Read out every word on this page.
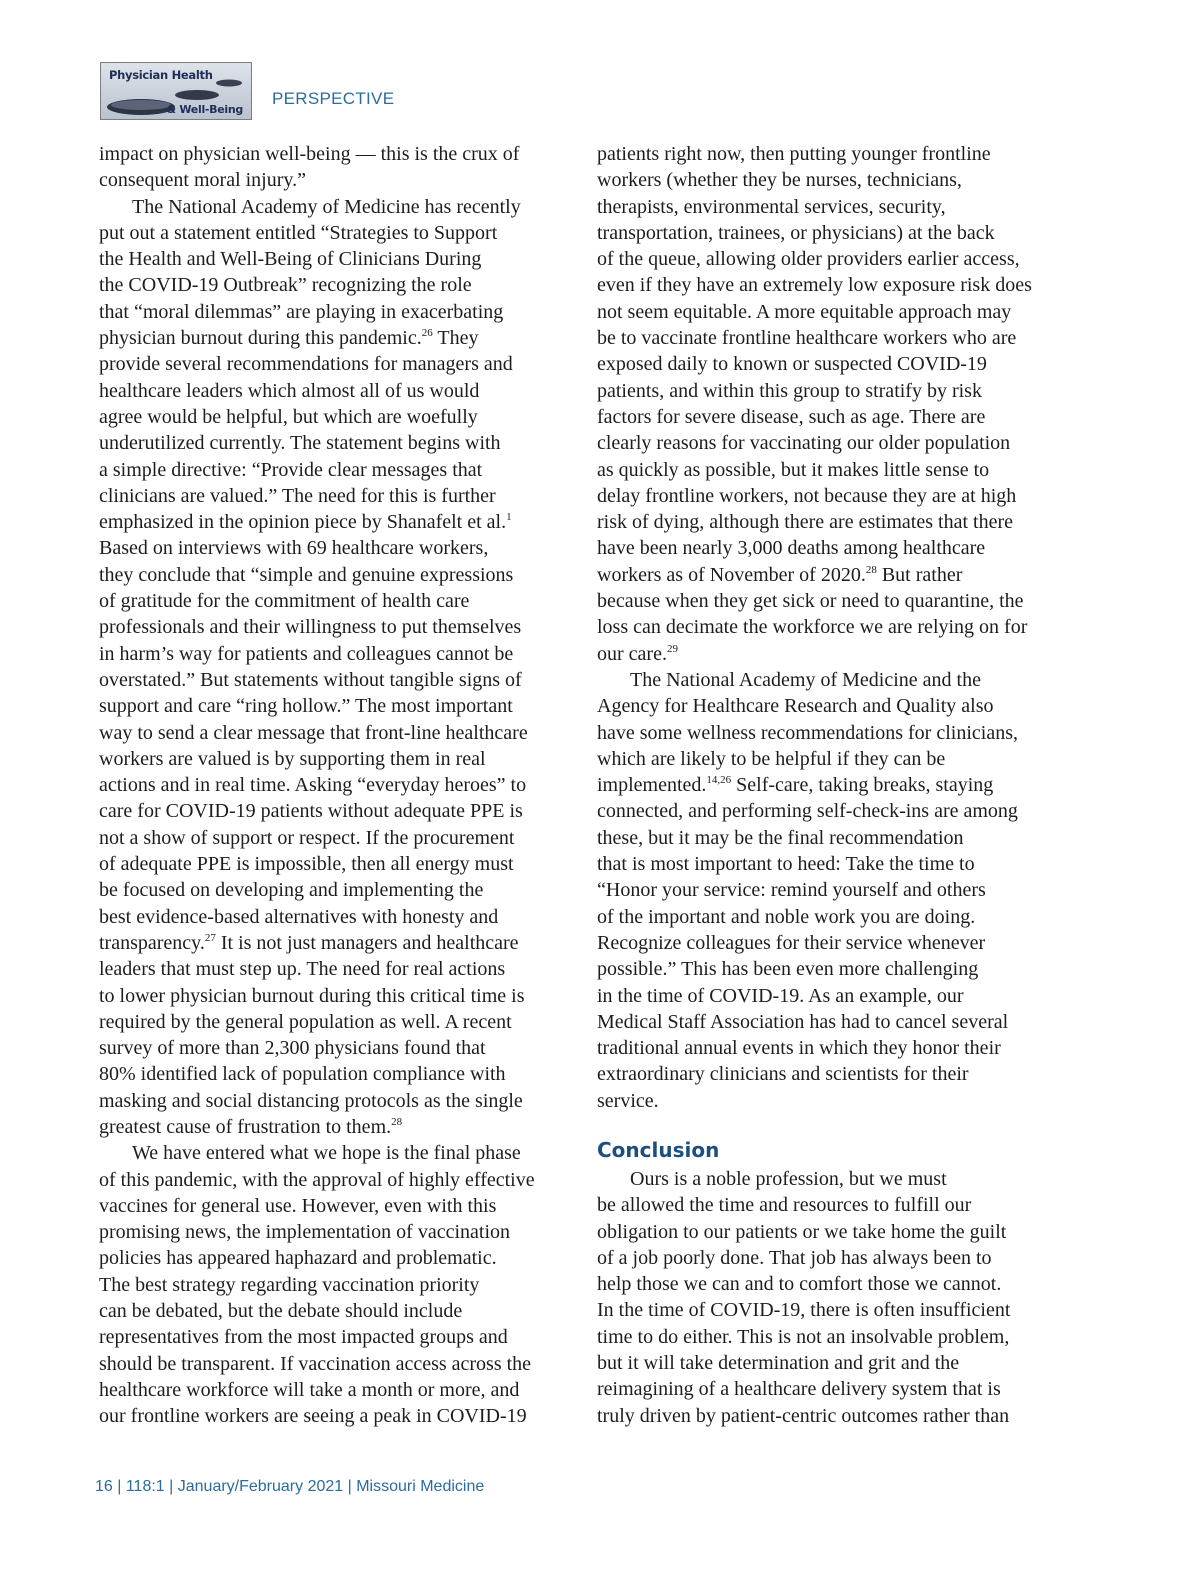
Physician Health
& Well-Being
PERSPECTIVE
impact on physician well-being — this is the crux of
consequent moral injury.”
The National Academy of Medicine has recently
put out a statement entitled “Strategies to Support
the Health and Well-Being of Clinicians During
the COVID-19 Outbreak” recognizing the role
that “moral dilemmas” are playing in exacerbating
physician burnout during this pandemic.$^{26}$ They
provide several recommendations for managers and
healthcare leaders which almost all of us would
agree would be helpful, but which are woefully
underutilized currently. The statement begins with
a simple directive: “Provide clear messages that
clinicians are valued.” The need for this is further
emphasized in the opinion piece by Shanafelt et al.$^1$
Based on interviews with 69 healthcare workers,
they conclude that “simple and genuine expressions
of gratitude for the commitment of health care
professionals and their willingness to put themselves
in harm’s way for patients and colleagues cannot be
overstated.” But statements without tangible signs of
support and care “ring hollow.” The most important
way to send a clear message that front-line healthcare
workers are valued is by supporting them in real
actions and in real time. Asking “everyday heroes” to
care for COVID-19 patients without adequate PPE is
not a show of support or respect. If the procurement
of adequate PPE is impossible, then all energy must
be focused on developing and implementing the
best evidence-based alternatives with honesty and
transparency.$^{27}$ It is not just managers and healthcare
leaders that must step up. The need for real actions
to lower physician burnout during this critical time is
required by the general population as well. A recent
survey of more than 2,300 physicians found that
80% identified lack of population compliance with
masking and social distancing protocols as the single
greatest cause of frustration to them.$^{28}$
We have entered what we hope is the final phase
of this pandemic, with the approval of highly effective
vaccines for general use. However, even with this
promising news, the implementation of vaccination
policies has appeared haphazard and problematic.
The best strategy regarding vaccination priority
can be debated, but the debate should include
representatives from the most impacted groups and
should be transparent. If vaccination access across the
healthcare workforce will take a month or more, and
our frontline workers are seeing a peak in COVID-19
patients right now, then putting younger frontline
workers (whether they be nurses, technicians,
therapists, environmental services, security,
transportation, trainees, or physicians) at the back
of the queue, allowing older providers earlier access,
even if they have an extremely low exposure risk does
not seem equitable. A more equitable approach may
be to vaccinate frontline healthcare workers who are
exposed daily to known or suspected COVID-19
patients, and within this group to stratify by risk
factors for severe disease, such as age. There are
clearly reasons for vaccinating our older population
as quickly as possible, but it makes little sense to
delay frontline workers, not because they are at high
risk of dying, although there are estimates that there
have been nearly 3,000 deaths among healthcare
workers as of November of 2020.28 But rather
because when they get sick or need to quarantine, the
loss can decimate the workforce we are relying on for
our care.$^{29}$
The National Academy of Medicine and the
Agency for Healthcare Research and Quality also
have some wellness recommendations for clinicians,
which are likely to be helpful if they can be
implemented.$^{14,26}$ Self-care, taking breaks, staying
connected, and performing self-check-ins are among
these, but it may be the final recommendation
that is most important to heed: Take the time to
“Honor your service: remind yourself and others
of the important and noble work you are doing.
Recognize colleagues for their service whenever
possible.” This has been even more challenging
in the time of COVID-19. As an example, our
Medical Staff Association has had to cancel several
traditional annual events in which they honor their
extraordinary clinicians and scientists for their
service.
Conclusion
Ours is a noble profession, but we must
be allowed the time and resources to fulfill our
obligation to our patients or we take home the guilt
of a job poorly done. That job has always been to
help those we can and to comfort those we cannot.
In the time of COVID-19, there is often insufficient
time to do either. This is not an insolvable problem,
but it will take determination and grit and the
reimagining of a healthcare delivery system that is
truly driven by patient-centric outcomes rather than
16 | 118:1 | January/February 2021 | Missouri Medicine
